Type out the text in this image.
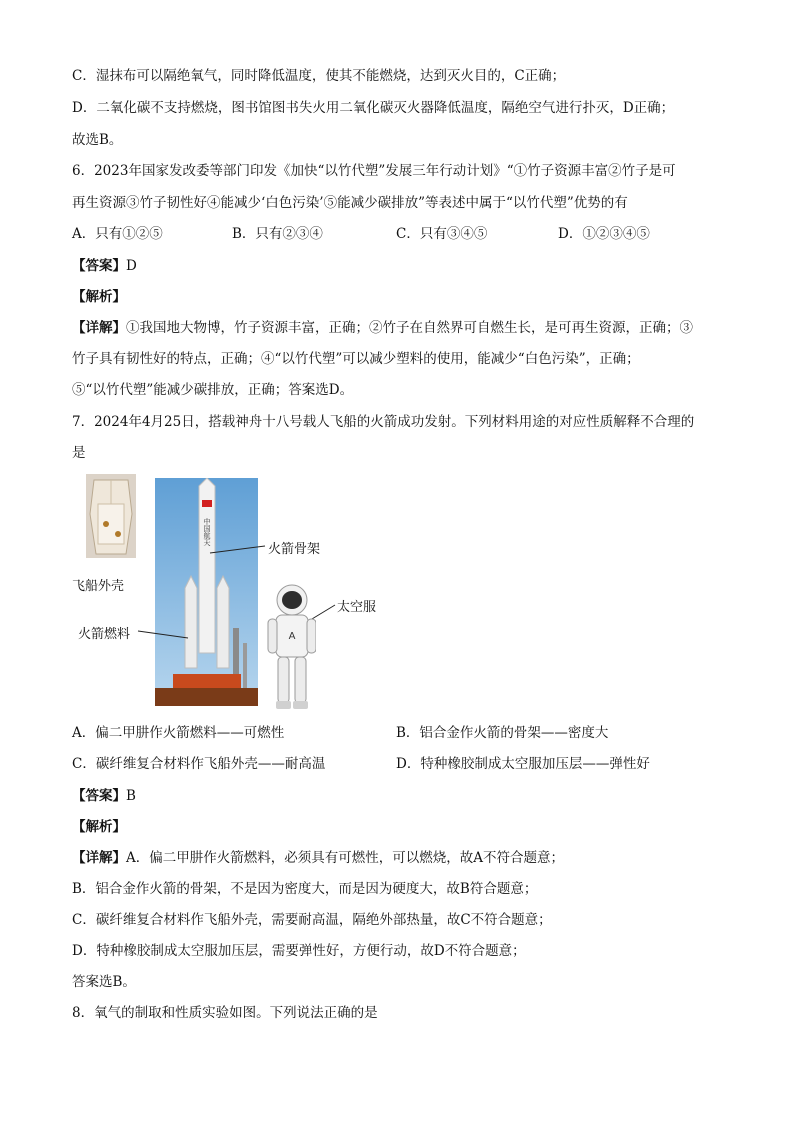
C．湿抹布可以隔绝氧气，同时降低温度，使其不能燃烧，达到灭火目的，C正确；
D．二氧化碳不支持燃烧，图书馆图书失火用二氧化碳灭火器降低温度，隔绝空气进行扑灭，D正确；
故选B。
6．2023年国家发改委等部门印发《加快“以竹代塑”发展三年行动计划》“①竹子资源丰富②竹子是可
再生资源③竹子韧性好④能减少‘白色污染’⑤能减少碳排放”等表述中属于“以竹代塑”优势的有
A．只有①②⑤	B．只有②③④	C．只有③④⑤	D．①②③④⑤
【答案】D
【解析】
【详解】①我国地大物博，竹子资源丰富，正确；②竹子在自然界可自燃生长，是可再生资源，正确；③
竹子具有韧性好的特点，正确；④“以竹代塑”可以减少塑料的使用，能减少“白色污染”，正确；
⑤“以竹代塑”能减少碳排放，正确；答案选D。
7．2024年4月25日，搭载神舟十八号载人飞船的火箭成功发射。下列材料用途的对应性质解释不合理的
是
飞船外壳
中国航天
火箭骨架
火箭燃料
太空服
A
A．偏二甲肼作火箭燃料——可燃性	B．铝合金作火箭的骨架——密度大
C．碳纤维复合材料作飞船外壳——耐高温	D．特种橡胶制成太空服加压层——弹性好
【答案】B
【解析】
【详解】A．偏二甲肼作火箭燃料，必须具有可燃性，可以燃烧，故A不符合题意；
B．铝合金作火箭的骨架，不是因为密度大，而是因为硬度大，故B符合题意；
C．碳纤维复合材料作飞船外壳，需要耐高温，隔绝外部热量，故C不符合题意；
D．特种橡胶制成太空服加压层，需要弹性好，方便行动，故D不符合题意；
答案选B。
8．氧气的制取和性质实验如图。下列说法正确的是
